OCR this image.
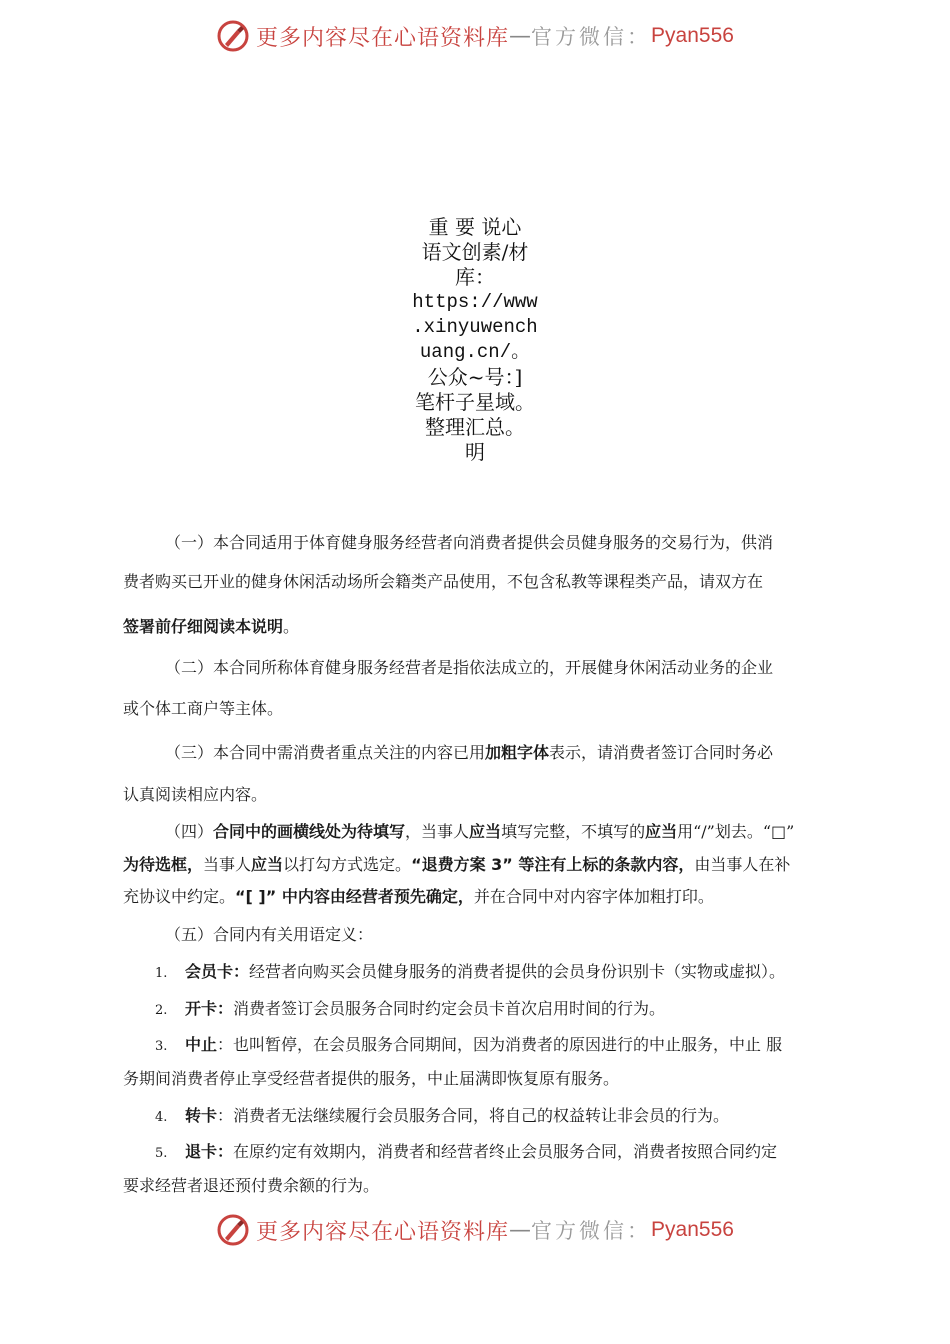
更多内容尽在心语资料库 — 官方微信： Pyan556
重 要 说心
语文创素/材
库：
https://www
.xinyuwench
uang.cn/。
公众~号：]
笔杆子星域。
整理汇总。
明
（一）本合同适用于体育健身服务经营者向消费者提供会员健身服务的交易行为，供消
费者购买已开业的健身休闲活动场所会籍类产品使用，不包含私教等课程类产品，请双方在
签署前仔细阅读本说明。
（二）本合同所称体育健身服务经营者是指依法成立的，开展健身休闲活动业务的企业
或个体工商户等主体。
（三）本合同中需消费者重点关注的内容已用加粗字体表示，请消费者签订合同时务必
认真阅读相应内容。
（四）合同中的画横线处为待填写，当事人应当填写完整，不填写的应当用“/”划去。“□”
为待选框，当事人应当以打勾方式选定。“退费方案 3” 等注有上标的条款内容，由当事人在补
充协议中约定。“[ ]” 中内容由经营者预先确定，并在合同中对内容字体加粗打印。
（五）合同内有关用语定义：
1. 会员卡：经营者向购买会员健身服务的消费者提供的会员身份识别卡（实物或虚拟）。
2. 开卡：消费者签订会员服务合同时约定会员卡首次启用时间的行为。
3. 中止：也叫暂停，在会员服务合同期间，因为消费者的原因进行的中止服务，中止 服
务期间消费者停止享受经营者提供的服务，中止届满即恢复原有服务。
4. 转卡：消费者无法继续履行会员服务合同，将自己的权益转让非会员的行为。
5. 退卡：在原约定有效期内，消费者和经营者终止会员服务合同，消费者按照合同约定
要求经营者退还预付费余额的行为。
更多内容尽在心语资料库 — 官方微信： Pyan556
